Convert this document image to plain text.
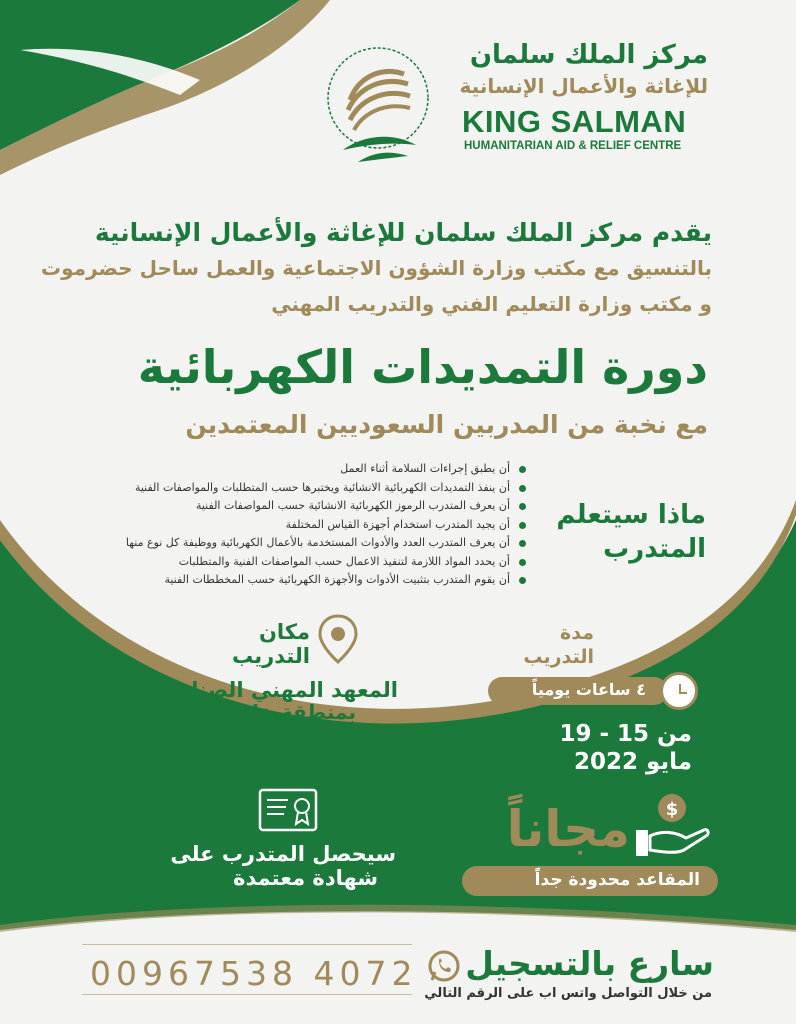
مركز الملك سلمان
للإغاثة والأعمال الإنسانية
KING SALMAN
HUMANITARIAN AID & RELIEF CENTRE
يقدم مركز الملك سلمان للإغاثة والأعمال الإنسانية
بالتنسيق مع مكتب وزارة الشؤون الاجتماعية والعمل ساحل حضرموت
و مكتب وزارة التعليم الفني والتدريب المهني
دورة التمديدات الكهربائية
مع نخبة من المدربين السعوديين المعتمدين
أن يطبق إجراءات السلامة أثناء العمل
أن ينفذ التمديدات الكهربائية الانشائية ويختبرها حسب المتطلبات والمواصفات الفنية
أن يعرف المتدرب الرموز الكهربائية الانشائية حسب المواصفات الفنية
أن يجيد المتدرب استخدام أجهزة القياس المختلفة
أن يعرف المتدرب العدد والأدوات المستخدمة بالأعمال الكهربائية ووظيفة كل نوع منها
أن يحدد المواد اللازمة لتنفيذ الاعمال حسب المواصفات الفنية والمتطلبات
أن يقوم المتدرب بتثبيت الأدوات والأجهزة الكهربائية حسب المخططات الفنية
ماذا سيتعلم
المتدرب
مكان
التدريب
المعهد المهني الصناعي
بمنطقة خلف
مدة
التدريب
٤ ساعات يومياً
من 15 - 19
مايو 2022
سيحصل المتدرب على
شهادة معتمدة
$
مجاناً
المقاعد محدودة جداً
00967538 4072 سارع بالتسجيل
من خلال التواصل واتس اب على الرقم التالي
